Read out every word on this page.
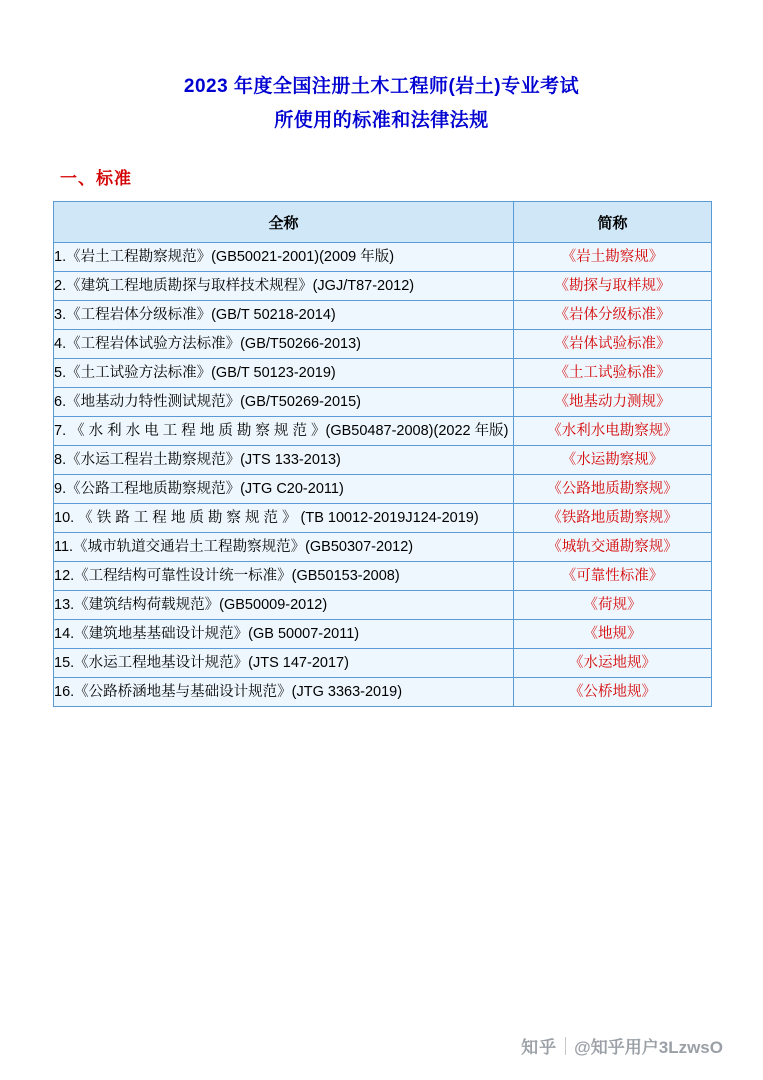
2023 年度全国注册土木工程师(岩土)专业考试
所使用的标准和法律法规
一、标准
全称	简称
1.《岩土工程勘察规范》(GB50021-2001)(2009 年版)	《岩土勘察规》
2.《建筑工程地质勘探与取样技术规程》(JGJ/T87-2012)	《勘探与取样规》
3.《工程岩体分级标准》(GB/T 50218-2014)	《岩体分级标准》
4.《工程岩体试验方法标准》(GB/T50266-2013)	《岩体试验标准》
5.《土工试验方法标准》(GB/T 50123-2019)	《土工试验标准》
6.《地基动力特性测试规范》(GB/T50269-2015)	《地基动力测规》
7. 《 水 利 水 电 工 程 地 质 勘 察 规 范 》(GB50487-2008)(2022 年版)	《水利水电勘察规》
8.《水运工程岩土勘察规范》(JTS 133-2013)	《水运勘察规》
9.《公路工程地质勘察规范》(JTG C20-2011)	《公路地质勘察规》
10. 《 铁 路 工 程 地 质 勘 察 规 范 》 (TB 10012-2019J124-2019)	《铁路地质勘察规》
11.《城市轨道交通岩土工程勘察规范》(GB50307-2012)	《城轨交通勘察规》
12.《工程结构可靠性设计统一标准》(GB50153-2008)	《可靠性标准》
13.《建筑结构荷载规范》(GB50009-2012)	《荷规》
14.《建筑地基基础设计规范》(GB 50007-2011)	《地规》
15.《水运工程地基设计规范》(JTS 147-2017)	《水运地规》
16.《公路桥涵地基与基础设计规范》(JTG 3363-2019)	《公桥地规》
知乎 @知乎用户3LzwsO
